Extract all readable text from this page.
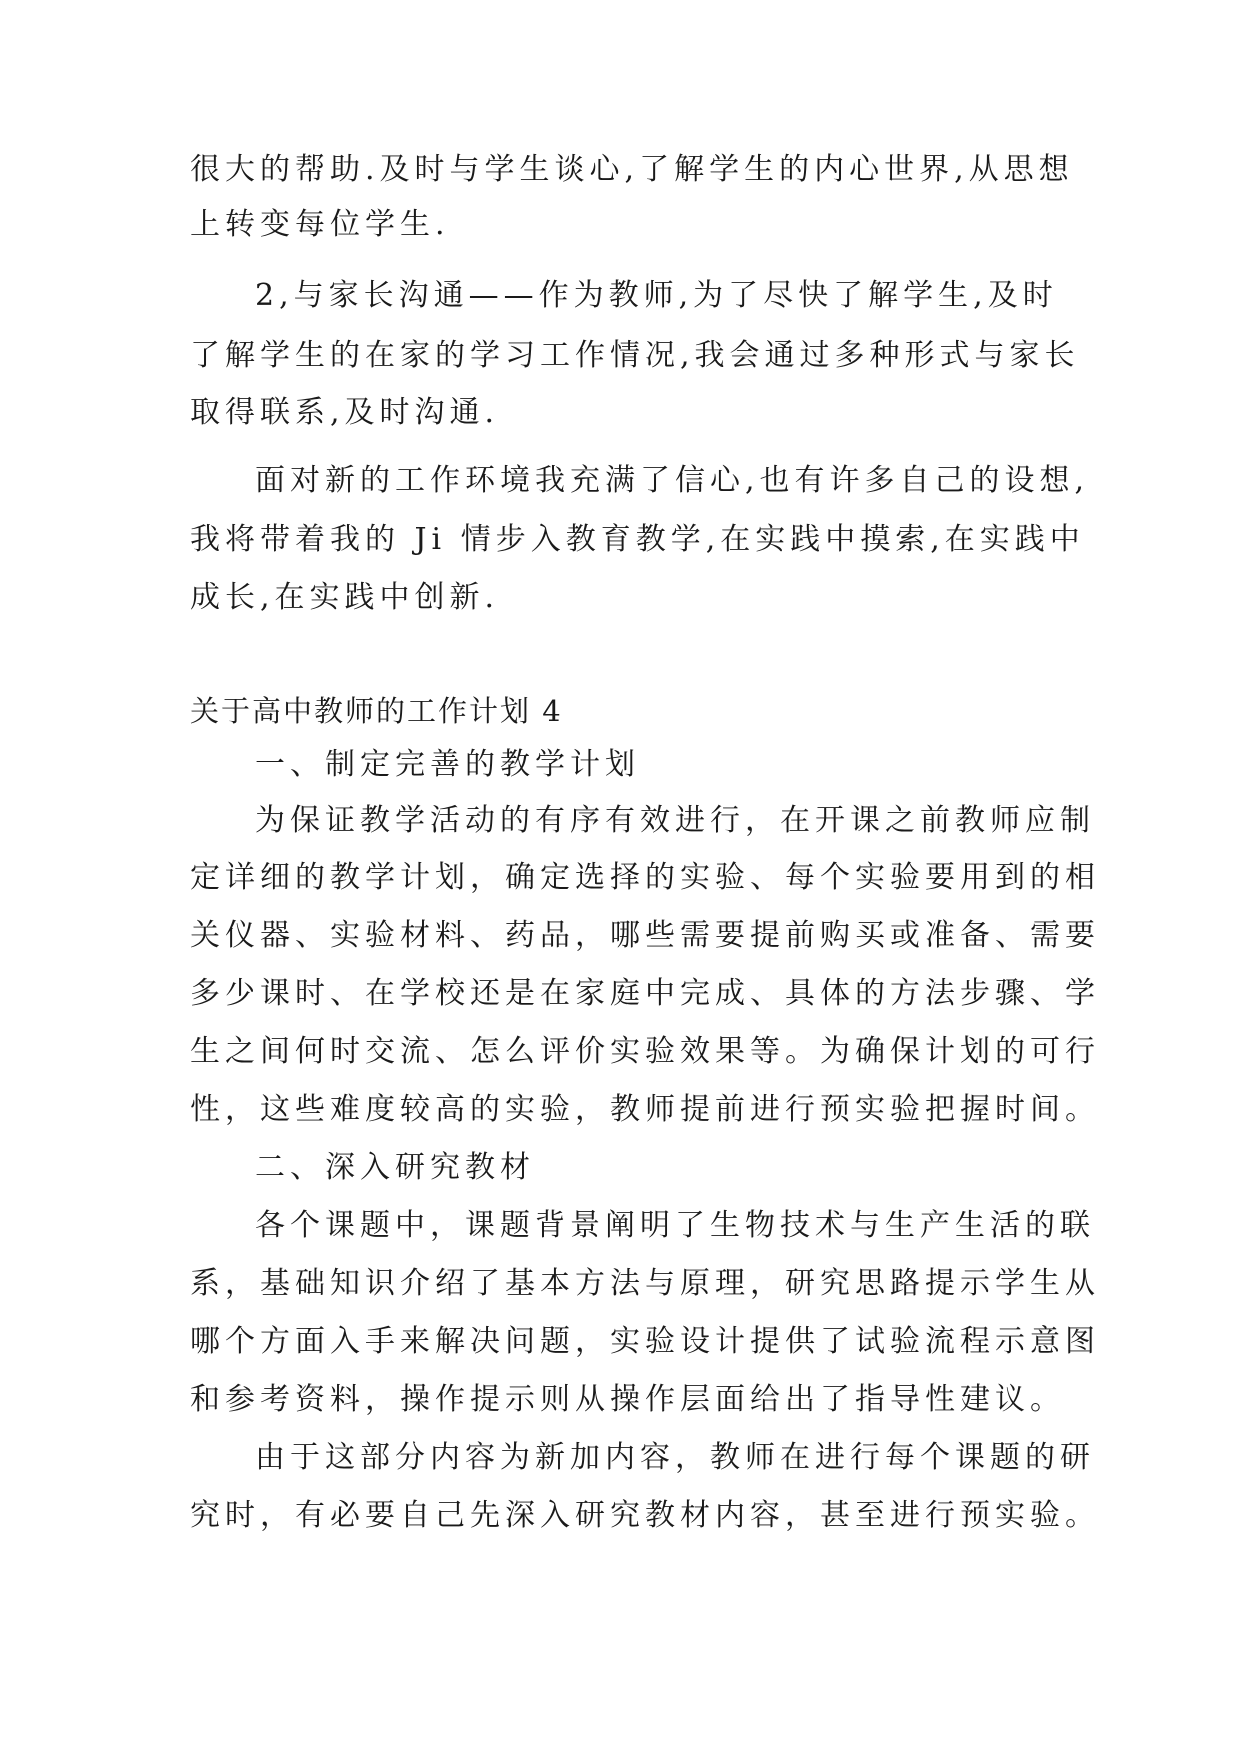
很大的帮助.及时与学生谈心,了解学生的内心世界,从思想

上转变每位学生.

2,与家长沟通——作为教师,为了尽快了解学生,及时

了解学生的在家的学习工作情况,我会通过多种形式与家长

取得联系,及时沟通.

面对新的工作环境我充满了信心,也有许多自己的设想,

我将带着我的 Ji 情步入教育教学,在实践中摸索,在实践中

成长,在实践中创新.

关于高中教师的工作计划 4

一、制定完善的教学计划

为保证教学活动的有序有效进行，在开课之前教师应制

定详细的教学计划，确定选择的实验、每个实验要用到的相

关仪器、实验材料、药品，哪些需要提前购买或准备、需要

多少课时、在学校还是在家庭中完成、具体的方法步骤、学

生之间何时交流、怎么评价实验效果等。为确保计划的可行

性，这些难度较高的实验，教师提前进行预实验把握时间。

二、深入研究教材

各个课题中，课题背景阐明了生物技术与生产生活的联

系，基础知识介绍了基本方法与原理，研究思路提示学生从

哪个方面入手来解决问题，实验设计提供了试验流程示意图

和参考资料，操作提示则从操作层面给出了指导性建议。

由于这部分内容为新加内容，教师在进行每个课题的研

究时，有必要自己先深入研究教材内容，甚至进行预实验。
